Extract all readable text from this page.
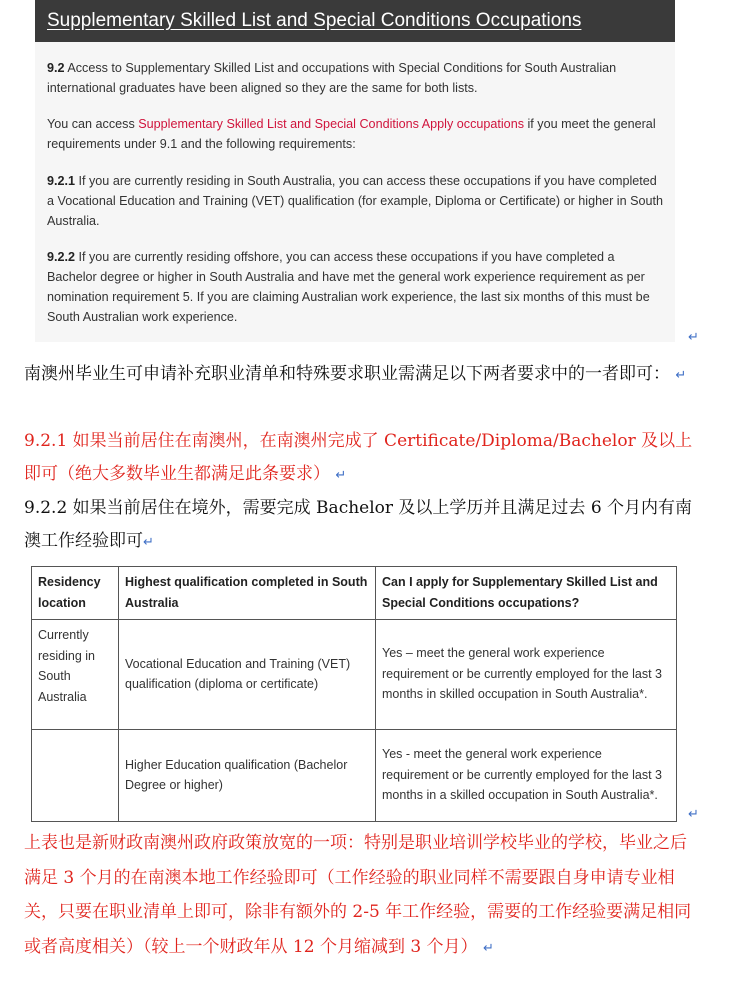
Supplementary Skilled List and Special Conditions Occupations
9.2 Access to Supplementary Skilled List and occupations with Special Conditions for South Australian international graduates have been aligned so they are the same for both lists.
You can access Supplementary Skilled List and Special Conditions Apply occupations if you meet the general requirements under 9.1 and the following requirements:
9.2.1 If you are currently residing in South Australia, you can access these occupations if you have completed a Vocational Education and Training (VET) qualification (for example, Diploma or Certificate) or higher in South Australia.
9.2.2 If you are currently residing offshore, you can access these occupations if you have completed a Bachelor degree or higher in South Australia and have met the general work experience requirement as per nomination requirement 5. If you are claiming Australian work experience, the last six months of this must be South Australian work experience.
↵
南澳州毕业生可申请补充职业清单和特殊要求职业需满足以下两者要求中的一者即可： ↵
9.2.1 如果当前居住在南澳州，在南澳州完成了 Certificate/Diploma/Bachelor 及以上即可（绝大多数毕业生都满足此条要求） ↵
9.2.2 如果当前居住在境外，需要完成 Bachelor 及以上学历并且满足过去 6 个月内有南澳工作经验即可↵
Residency location	Highest qualification completed in South Australia	Can I apply for Supplementary Skilled List and Special Conditions occupations?
Currently residing in South Australia	Vocational Education and Training (VET) qualification (diploma or certificate)	Yes – meet the general work experience requirement or be currently employed for the last 3 months in skilled occupation in South Australia*.
	Higher Education qualification (Bachelor Degree or higher)	Yes - meet the general work experience requirement or be currently employed for the last 3 months in a skilled occupation in South Australia*.
↵
上表也是新财政南澳州政府政策放宽的一项：特别是职业培训学校毕业的学校，毕业之后满足 3 个月的在南澳本地工作经验即可（工作经验的职业同样不需要跟自身申请专业相关，只要在职业清单上即可，除非有额外的 2-5 年工作经验，需要的工作经验要满足相同或者高度相关）（较上一个财政年从 12 个月缩减到 3 个月） ↵
